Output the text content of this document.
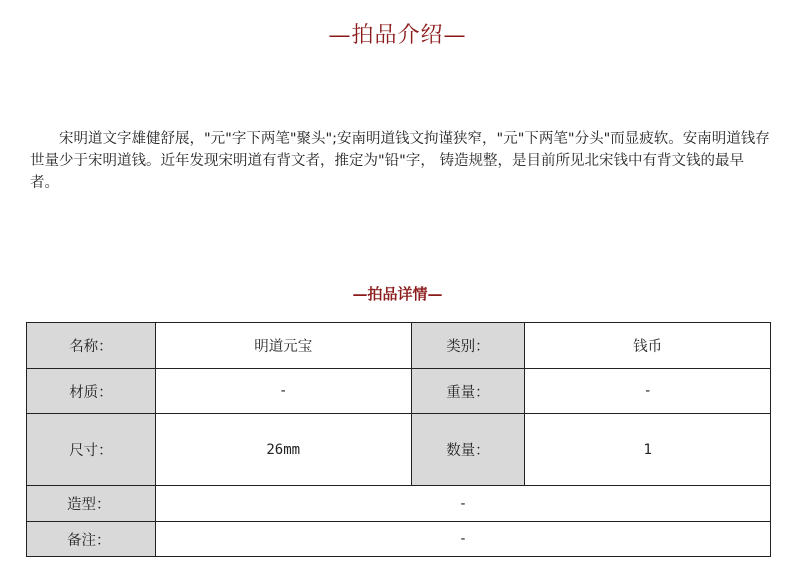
—拍品介绍—
宋明道文字雄健舒展，"元"字下两笔"聚头";安南明道钱文拘谨狭窄，"元"下两笔"分头"而显疲软。安南明道钱存世量少于宋明道钱。近年发现宋明道有背文者，推定为"铅"字， 铸造规整，是目前所见北宋钱中有背文钱的最早者。
—拍品详情—
名称：	明道元宝	类别：	钱币
材质：	-	重量：	-
尺寸：	26mm	数量：	1
造型：	-		
备注：	-		
